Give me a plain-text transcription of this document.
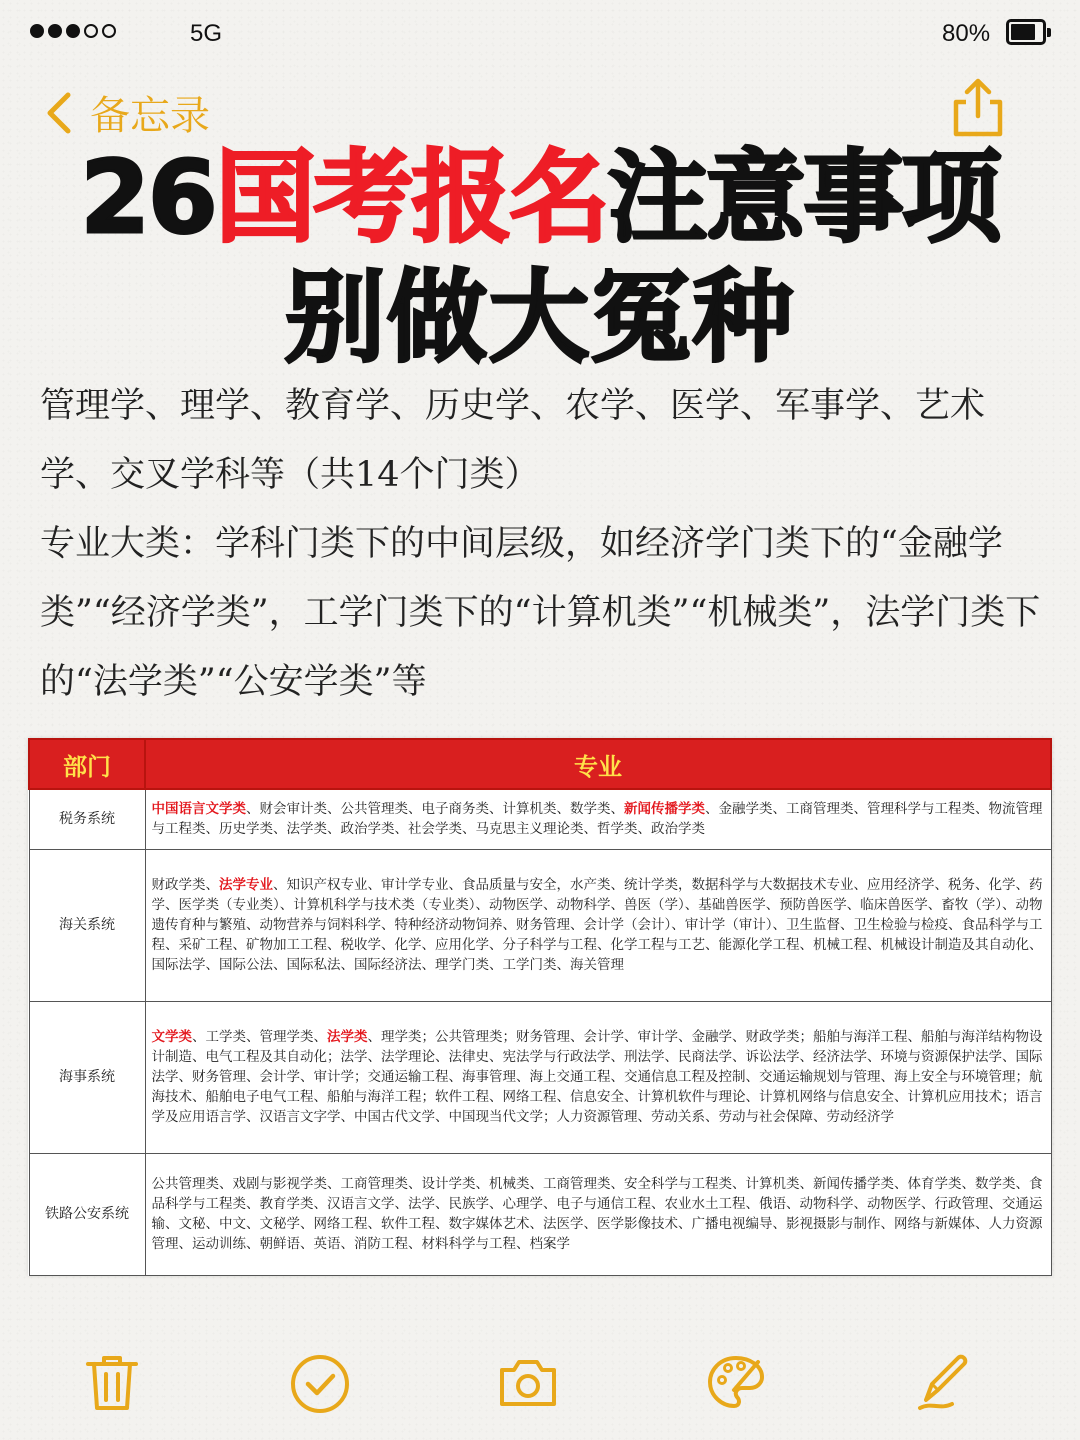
5G	80%
备忘录
26国考报名注意事项
别做大冤种

管理学、理学、教育学、历史学、农学、医学、军事学、艺术学、交叉学科等（共14个门类）

专业大类：学科门类下的中间层级，如经济学门类下的“金融学类”“经济学类”，工学门类下的“计算机类”“机械类”，法学门类下的“法学类”“公安学类”等

部门	专业
税务系统	中国语言文学类、财会审计类、公共管理类、电子商务类、计算机类、数学类、新闻传播学类、金融学类、工商管理类、管理科学与工程类、物流管理与工程类、历史学类、法学类、政治学类、社会学类、马克思主义理论类、哲学类、政治学类
海关系统	财政学类、法学专业、知识产权专业、审计学专业、食品质量与安全，水产类、统计学类，数据科学与大数据技术专业、应用经济学、税务、化学、药学、医学类（专业类）、计算机科学与技术类（专业类）、动物医学、动物科学、兽医（学）、基础兽医学、预防兽医学、临床兽医学、畜牧（学）、动物遗传育种与繁殖、动物营养与饲料科学、特种经济动物饲养、财务管理、会计学（会计）、审计学（审计）、卫生监督、卫生检验与检疫、食品科学与工程、采矿工程、矿物加工工程、税收学、化学、应用化学、分子科学与工程、化学工程与工艺、能源化学工程、机械工程、机械设计制造及其自动化、国际法学、国际公法、国际私法、国际经济法、理学门类、工学门类、海关管理
海事系统	文学类、工学类、管理学类、法学类、理学类；公共管理类；财务管理、会计学、审计学、金融学、财政学类；船舶与海洋工程、船舶与海洋结构物设计制造、电气工程及其自动化；法学、法学理论、法律史、宪法学与行政法学、刑法学、民商法学、诉讼法学、经济法学、环境与资源保护法学、国际法学、财务管理、会计学、审计学；交通运输工程、海事管理、海上交通工程、交通信息工程及控制、交通运输规划与管理、海上安全与环境管理；航海技术、船舶电子电气工程、船舶与海洋工程；软件工程、网络工程、信息安全、计算机软件与理论、计算机网络与信息安全、计算机应用技术；语言学及应用语言学、汉语言文字学、中国古代文学、中国现当代文学；人力资源管理、劳动关系、劳动与社会保障、劳动经济学
铁路公安系统	公共管理类、戏剧与影视学类、工商管理类、设计学类、机械类、工商管理类、安全科学与工程类、计算机类、新闻传播学类、体育学类、数学类、食品科学与工程类、教育学类、汉语言文学、法学、民族学、心理学、电子与通信工程、农业水土工程、俄语、动物科学、动物医学、行政管理、交通运输、文秘、中文、文秘学、网络工程、软件工程、数字媒体艺术、法医学、医学影像技术、广播电视编导、影视摄影与制作、网络与新媒体、人力资源管理、运动训练、朝鲜语、英语、消防工程、材料科学与工程、档案学
